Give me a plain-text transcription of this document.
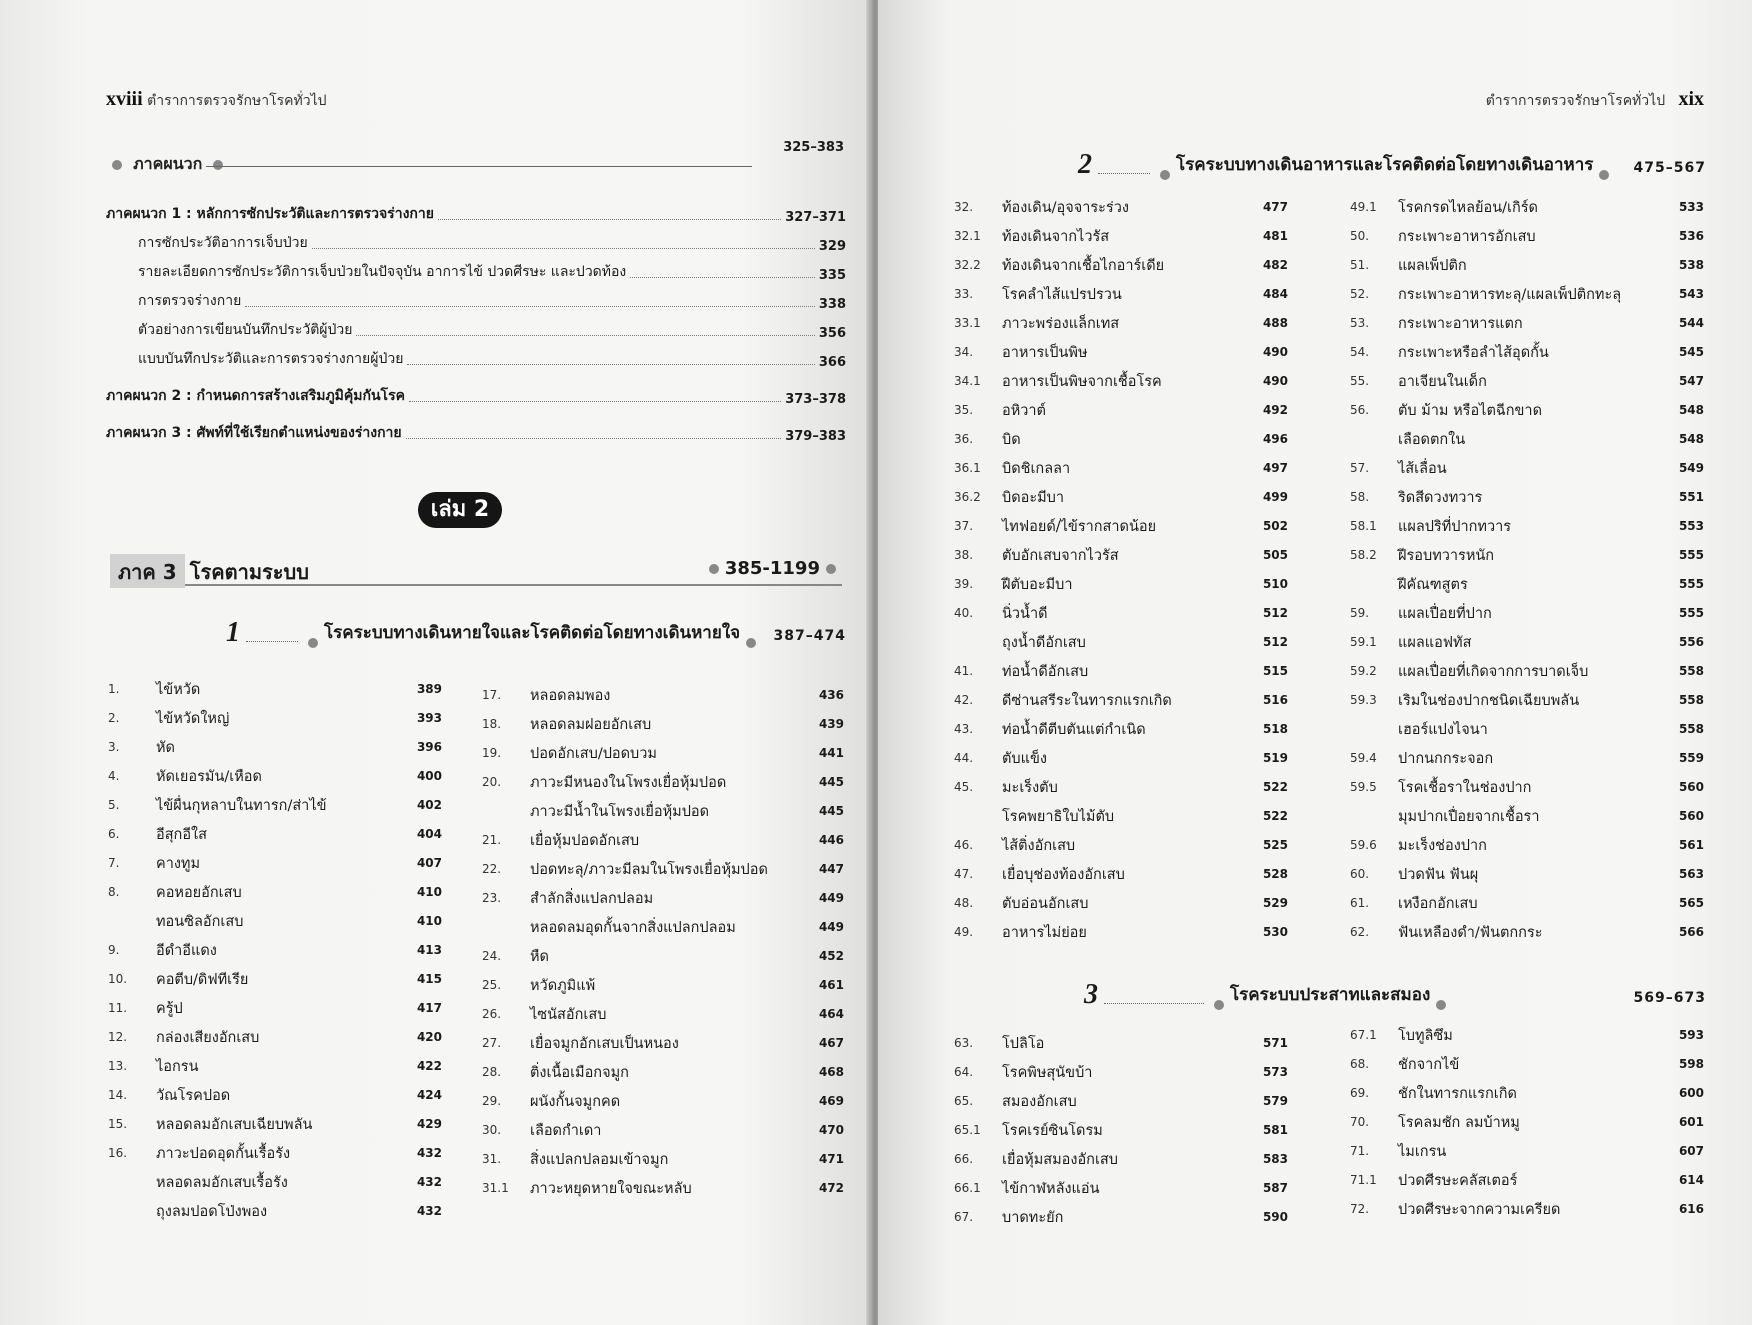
xviii ตำราการตรวจรักษาโรคทั่วไป
ภาคผนวก
325–383
ภาคผนวก 1 : หลักการซักประวัติและการตรวจร่างกาย	327–371
การซักประวัติอาการเจ็บป่วย	329
รายละเอียดการซักประวัติการเจ็บป่วยในปัจจุบัน อาการไข้ ปวดศีรษะ และปวดท้อง	335
การตรวจร่างกาย	338
ตัวอย่างการเขียนบันทึกประวัติผู้ป่วย	356
แบบบันทึกประวัติและการตรวจร่างกายผู้ป่วย	366
ภาคผนวก 2 : กำหนดการสร้างเสริมภูมิคุ้มกันโรค	373–378
ภาคผนวก 3 : ศัพท์ที่ใช้เรียกตำแหน่งของร่างกาย	379–383
เล่ม 2
ภาค 3 โรคตามระบบ	385-1199
1	โรคระบบทางเดินหายใจและโรคติดต่อโดยทางเดินหายใจ 387–474
1.	ไข้หวัด	389
2.	ไข้หวัดใหญ่	393
3.	หัด	396
4.	หัดเยอรมัน/เหือด	400
5.	ไข้ผื่นกุหลาบในทารก/ส่าไข้	402
6.	อีสุกอีใส	404
7.	คางทูม	407
8.	คอหอยอักเสบ	410
ทอนซิลอักเสบ	410
9.	อีดำอีแดง	413
10. คอตีบ/ดิฟทีเรีย	415
11. ครู้ป	417
12. กล่องเสียงอักเสบ	420
13. ไอกรน	422
14. วัณโรคปอด	424
15. หลอดลมอักเสบเฉียบพลัน	429
16. ภาวะปอดอุดกั้นเรื้อรัง	432
หลอดลมอักเสบเรื้อรัง	432
ถุงลมปอดโป่งพอง	432
17. หลอดลมพอง	436
18. หลอดลมฝอยอักเสบ	439
19. ปอดอักเสบ/ปอดบวม	441
20. ภาวะมีหนองในโพรงเยื่อหุ้มปอด	445
ภาวะมีน้ำในโพรงเยื่อหุ้มปอด	445
21. เยื่อหุ้มปอดอักเสบ	446
22. ปอดทะลุ/ภาวะมีลมในโพรงเยื่อหุ้มปอด	447
23. สำลักสิ่งแปลกปลอม	449
หลอดลมอุดกั้นจากสิ่งแปลกปลอม	449
24. หืด	452
25. หวัดภูมิแพ้	461
26. ไซนัสอักเสบ	464
27. เยื่อจมูกอักเสบเป็นหนอง	467
28. ติ่งเนื้อเมือกจมูก	468
29. ผนังกั้นจมูกคด	469
30. เลือดกำเดา	470
31. สิ่งแปลกปลอมเข้าจมูก	471
31.1 ภาวะหยุดหายใจขณะหลับ	472
ตำราการตรวจรักษาโรคทั่วไป xix
2	โรคระบบทางเดินอาหารและโรคติดต่อโดยทางเดินอาหาร	475–567
32. ท้องเดิน/อุจจาระร่วง	477
32.1 ท้องเดินจากไวรัส	481
32.2 ท้องเดินจากเชื้อไกอาร์เดีย	482
33. โรคลำไส้แปรปรวน	484
33.1 ภาวะพร่องแล็กเทส	488
34. อาหารเป็นพิษ	490
34.1 อาหารเป็นพิษจากเชื้อโรค	490
35. อหิวาต์	492
36. บิด	496
36.1 บิดชิเกลลา	497
36.2 บิดอะมีบา	499
37. ไทฟอยด์/ไข้รากสาดน้อย	502
38. ตับอักเสบจากไวรัส	505
39. ฝีตับอะมีบา	510
40. นิ่วน้ำดี	512
ถุงน้ำดีอักเสบ	512
41. ท่อน้ำดีอักเสบ	515
42. ดีซ่านสรีระในทารกแรกเกิด	516
43. ท่อน้ำดีตีบตันแต่กำเนิด	518
44. ตับแข็ง	519
45. มะเร็งตับ	522
โรคพยาธิใบไม้ตับ	522
46. ไส้ติ่งอักเสบ	525
47. เยื่อบุช่องท้องอักเสบ	528
48. ตับอ่อนอักเสบ	529
49. อาหารไม่ย่อย	530
49.1 โรคกรดไหลย้อน/เกิร์ด	533
50. กระเพาะอาหารอักเสบ	536
51. แผลเพ็ปติก	538
52. กระเพาะอาหารทะลุ/แผลเพ็ปติกทะลุ	543
53. กระเพาะอาหารแตก	544
54. กระเพาะหรือลำไส้อุดกั้น	545
55. อาเจียนในเด็ก	547
56. ตับ ม้าม หรือไตฉีกขาด	548
เลือดตกใน	548
57. ไส้เลื่อน	549
58. ริดสีดวงทวาร	551
58.1 แผลปริที่ปากทวาร	553
58.2 ฝีรอบทวารหนัก	555
ฝีคัณฑสูตร	555
59. แผลเปื่อยที่ปาก	555
59.1 แผลแอฟทัส	556
59.2 แผลเปื่อยที่เกิดจากการบาดเจ็บ	558
59.3 เริมในช่องปากชนิดเฉียบพลัน	558
เฮอร์แปงไจนา	558
59.4 ปากนกกระจอก	559
59.5 โรคเชื้อราในช่องปาก	560
มุมปากเปื่อยจากเชื้อรา	560
59.6 มะเร็งช่องปาก	561
60. ปวดฟัน ฟันผุ	563
61. เหงือกอักเสบ	565
62. ฟันเหลืองดำ/ฟันตกกระ	566
3	โรคระบบประสาทและสมอง	569–673
63. โปลิโอ	571
64. โรคพิษสุนัขบ้า	573
65. สมองอักเสบ	579
65.1 โรคเรย์ซินโดรม	581
66. เยื่อหุ้มสมองอักเสบ	583
66.1 ไข้กาฬหลังแอ่น	587
67. บาดทะยัก	590
67.1 โบทูลิซึม	593
68. ชักจากไข้	598
69. ชักในทารกแรกเกิด	600
70. โรคลมชัก ลมบ้าหมู	601
71. ไมเกรน	607
71.1 ปวดศีรษะคลัสเตอร์	614
72. ปวดศีรษะจากความเครียด	616
